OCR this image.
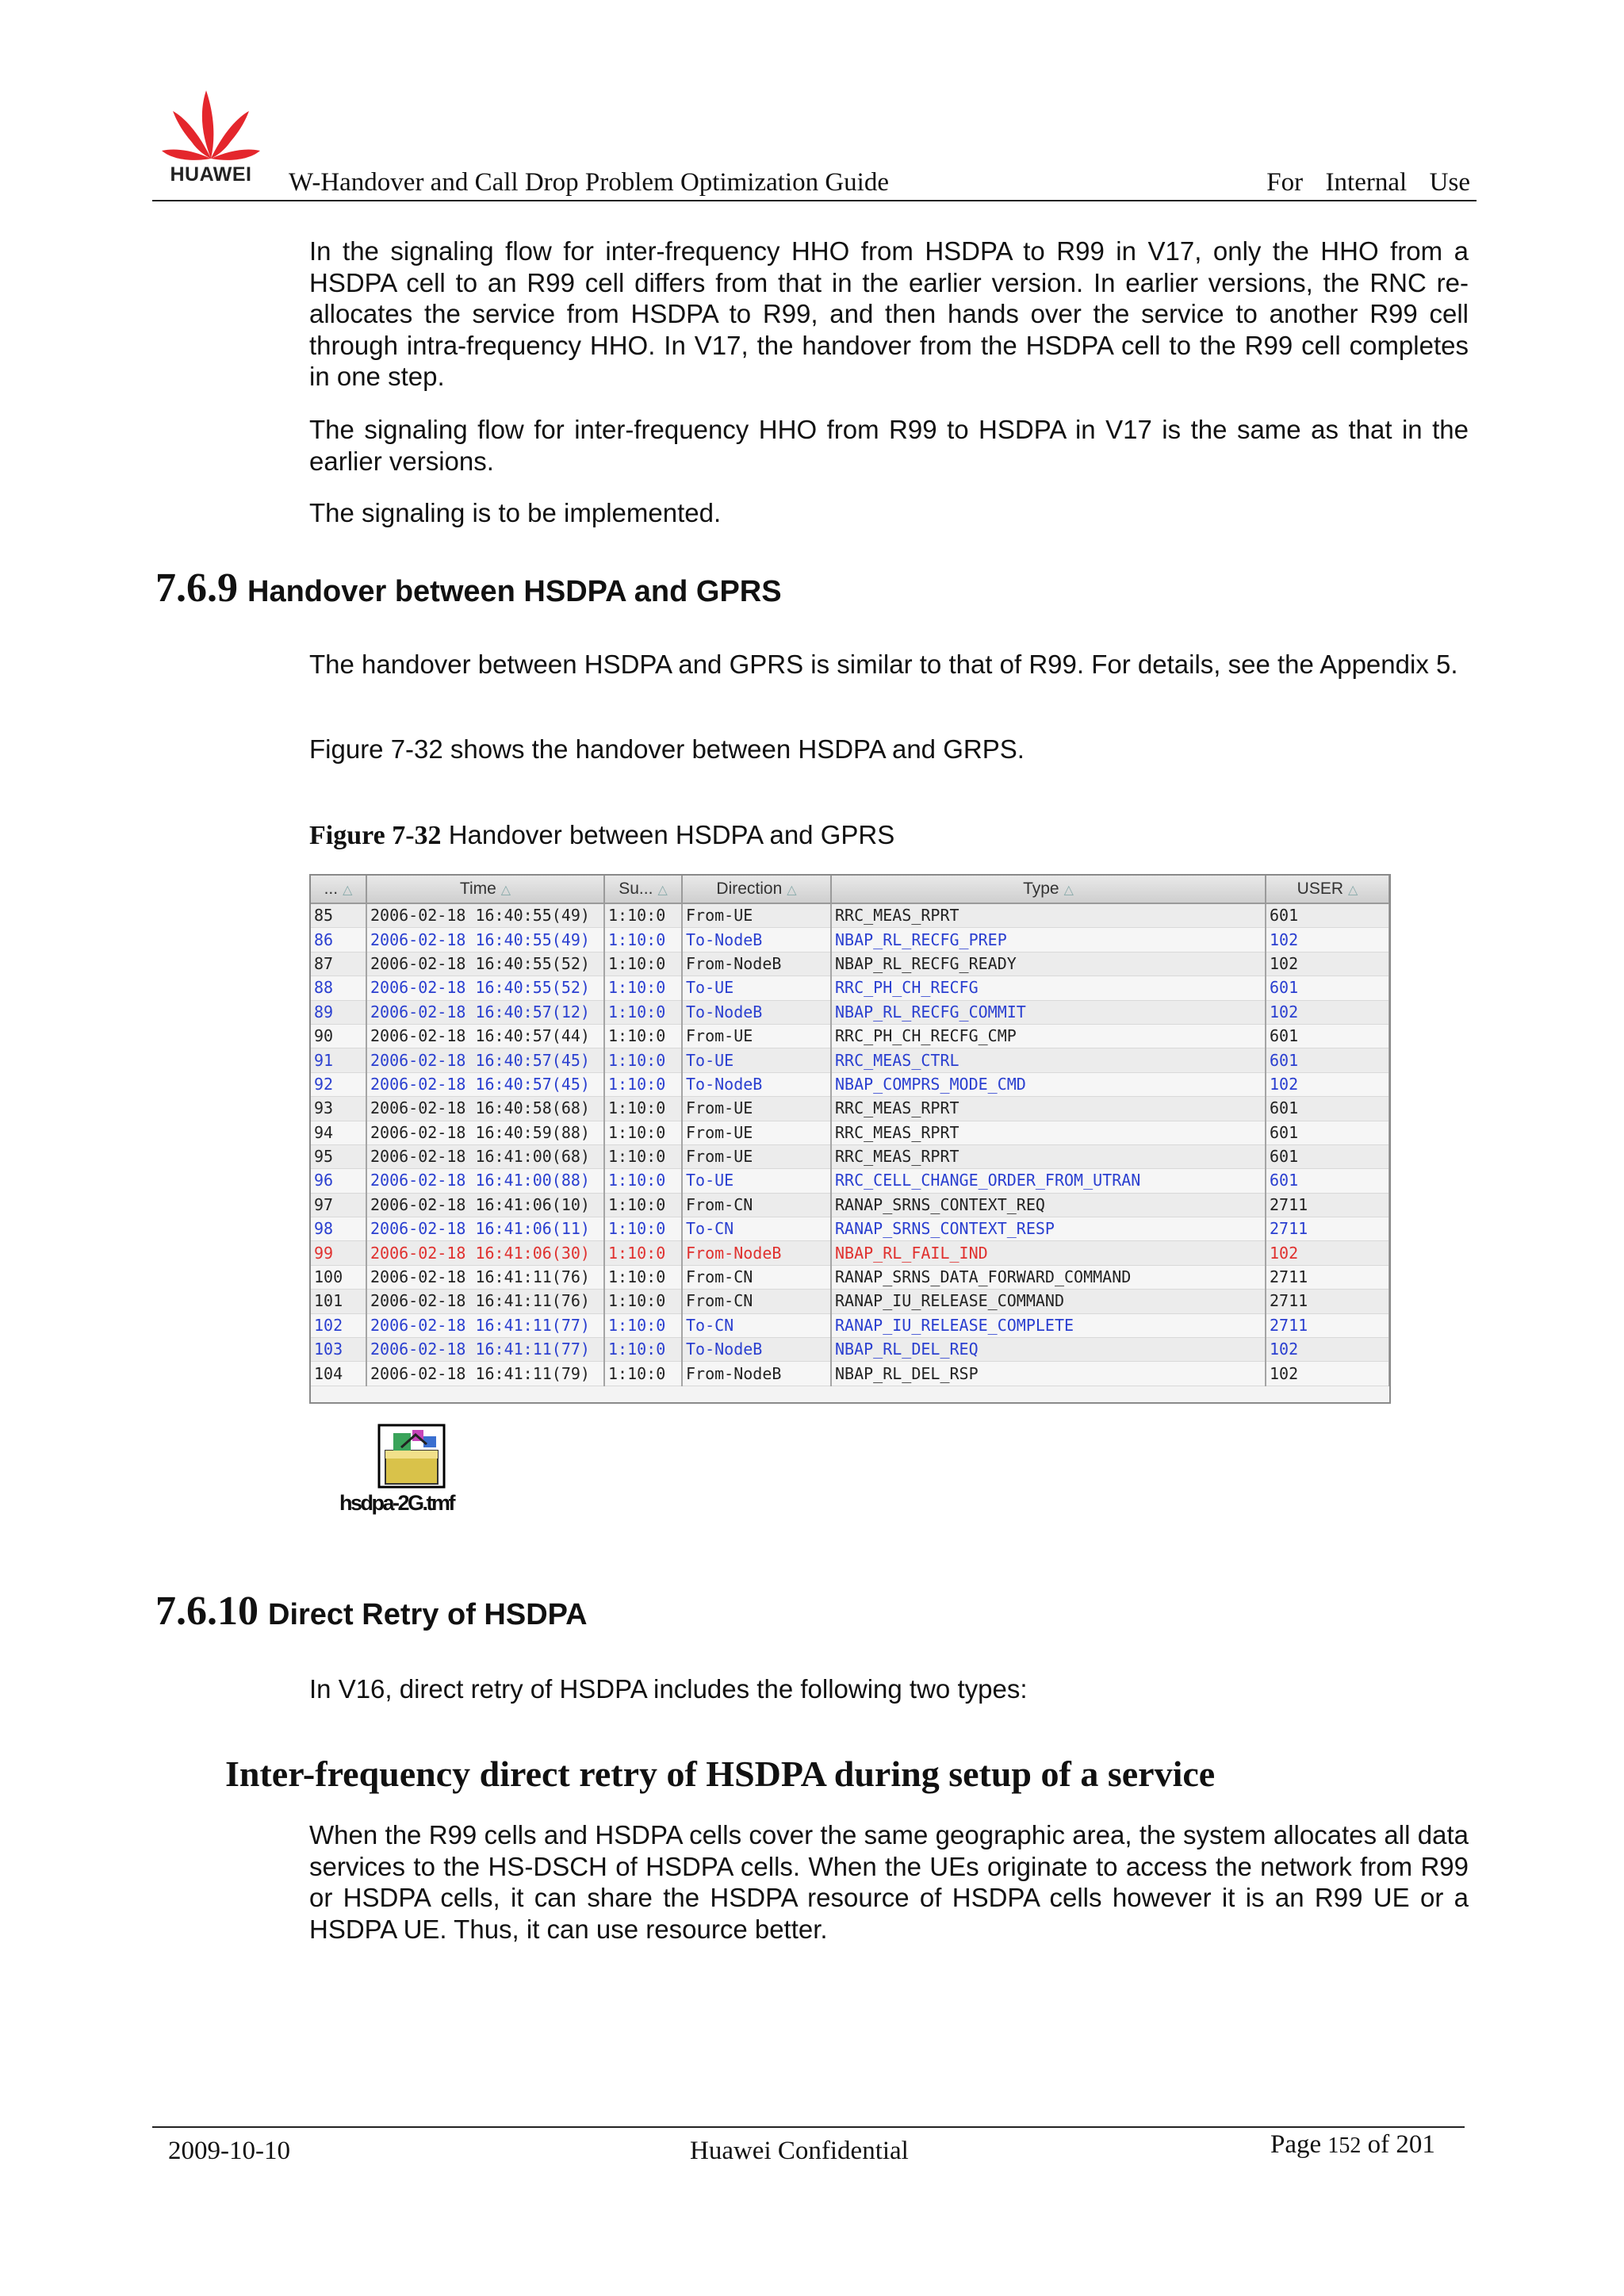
HUAWEI	W-Handover and Call Drop Problem Optimization Guide	For  Internal  Use

In the signaling flow for inter-frequency HHO from HSDPA to R99 in V17, only the HHO from a HSDPA cell to an R99 cell differs from that in the earlier version. In earlier versions, the RNC re-allocates the service from HSDPA to R99, and then hands over the service to another R99 cell through intra-frequency HHO. In V17, the handover from the HSDPA cell to the R99 cell completes in one step.

The signaling flow for inter-frequency HHO from R99 to HSDPA in V17 is the same as that in the earlier versions.

The signaling is to be implemented.

7.6.9 Handover between HSDPA and GPRS

The handover between HSDPA and GPRS is similar to that of R99. For details, see the Appendix 5.

Figure 7-32 shows the handover between HSDPA and GRPS.

Figure 7-32 Handover between HSDPA and GPRS
... △	Time △	Su... △	Direction △	Type △	USER △
85	2006-02-18 16:40:55(49)	1:10:0	From-UE	RRC_MEAS_RPRT	601
86	2006-02-18 16:40:55(49)	1:10:0	To-NodeB	NBAP_RL_RECFG_PREP	102
87	2006-02-18 16:40:55(52)	1:10:0	From-NodeB	NBAP_RL_RECFG_READY	102
88	2006-02-18 16:40:55(52)	1:10:0	To-UE	RRC_PH_CH_RECFG	601
89	2006-02-18 16:40:57(12)	1:10:0	To-NodeB	NBAP_RL_RECFG_COMMIT	102
90	2006-02-18 16:40:57(44)	1:10:0	From-UE	RRC_PH_CH_RECFG_CMP	601
91	2006-02-18 16:40:57(45)	1:10:0	To-UE	RRC_MEAS_CTRL	601
92	2006-02-18 16:40:57(45)	1:10:0	To-NodeB	NBAP_COMPRS_MODE_CMD	102
93	2006-02-18 16:40:58(68)	1:10:0	From-UE	RRC_MEAS_RPRT	601
94	2006-02-18 16:40:59(88)	1:10:0	From-UE	RRC_MEAS_RPRT	601
95	2006-02-18 16:41:00(68)	1:10:0	From-UE	RRC_MEAS_RPRT	601
96	2006-02-18 16:41:00(88)	1:10:0	To-UE	RRC_CELL_CHANGE_ORDER_FROM_UTRAN	601
97	2006-02-18 16:41:06(10)	1:10:0	From-CN	RANAP_SRNS_CONTEXT_REQ	2711
98	2006-02-18 16:41:06(11)	1:10:0	To-CN	RANAP_SRNS_CONTEXT_RESP	2711
99	2006-02-18 16:41:06(30)	1:10:0	From-NodeB	NBAP_RL_FAIL_IND	102
100	2006-02-18 16:41:11(76)	1:10:0	From-CN	RANAP_SRNS_DATA_FORWARD_COMMAND	2711
101	2006-02-18 16:41:11(76)	1:10:0	From-CN	RANAP_IU_RELEASE_COMMAND	2711
102	2006-02-18 16:41:11(77)	1:10:0	To-CN	RANAP_IU_RELEASE_COMPLETE	2711
103	2006-02-18 16:41:11(77)	1:10:0	To-NodeB	NBAP_RL_DEL_REQ	102
104	2006-02-18 16:41:11(79)	1:10:0	From-NodeB	NBAP_RL_DEL_RSP	102
hsdpa-2G.tmf
7.6.10 Direct Retry of HSDPA

In V16, direct retry of HSDPA includes the following two types:

Inter-frequency direct retry of HSDPA during setup of a service

When the R99 cells and HSDPA cells cover the same geographic area, the system allocates all data services to the HS-DSCH of HSDPA cells. When the UEs originate to access the network from R99 or HSDPA cells, it can share the HSDPA resource of HSDPA cells however it is an R99 UE or a HSDPA UE. Thus, it can use resource better.

2009-10-10	Huawei Confidential	Page 152 of 201
